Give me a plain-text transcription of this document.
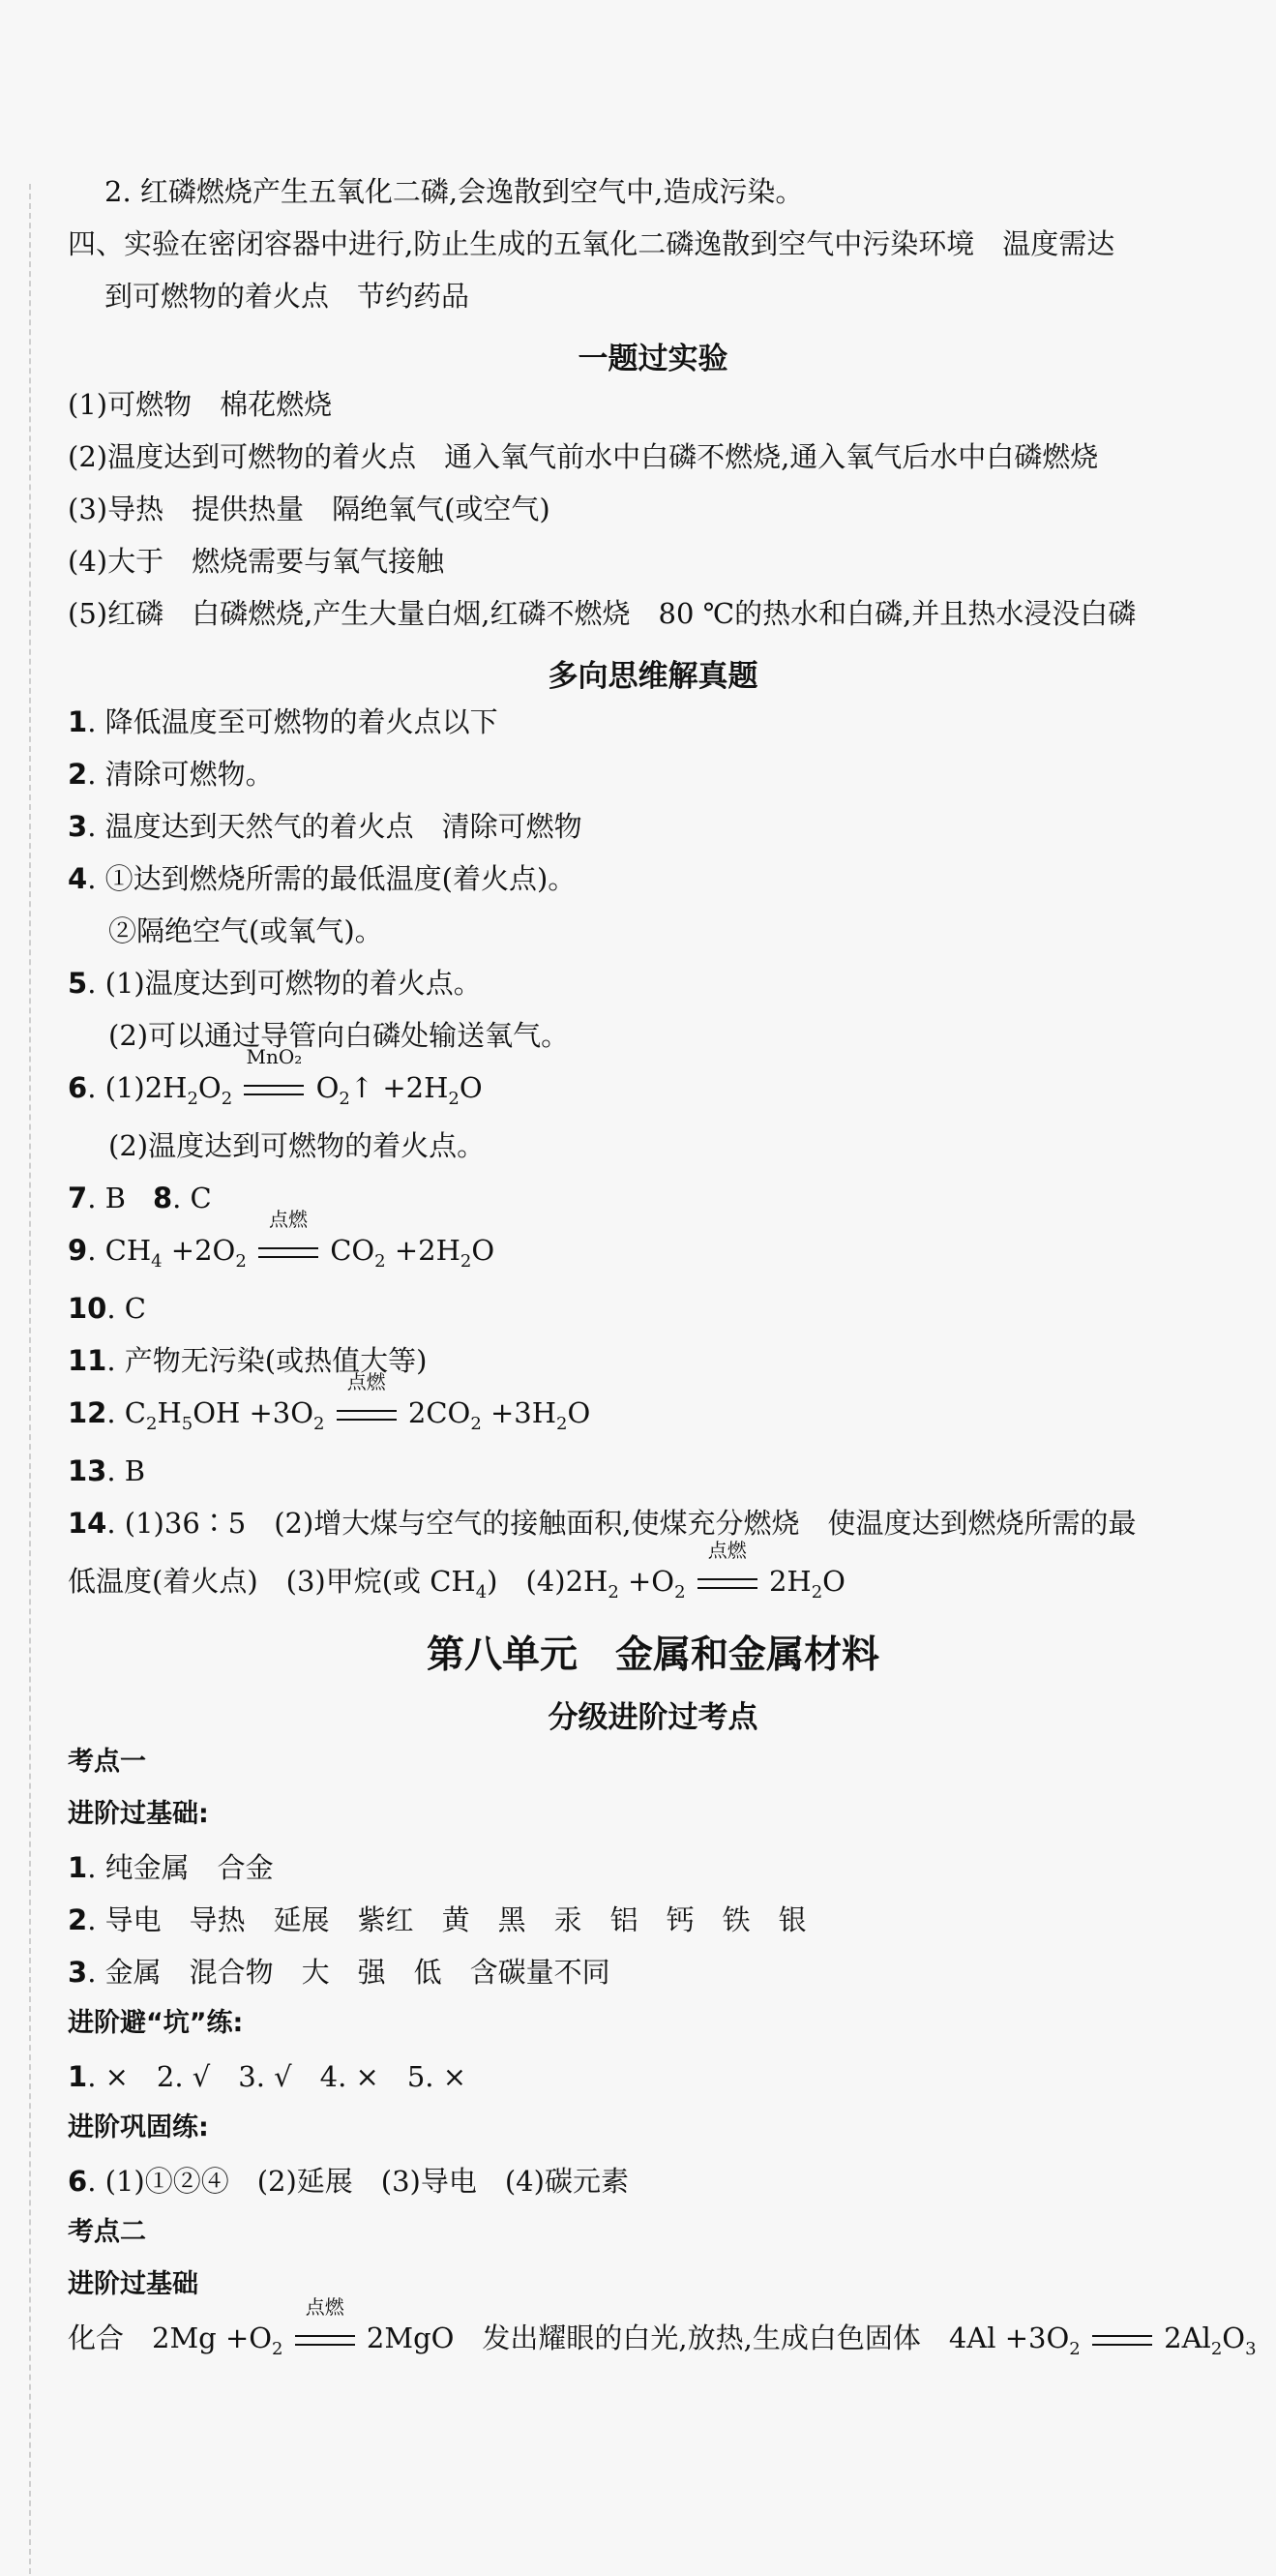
2. 红磷燃烧产生五氧化二磷,会逸散到空气中,造成污染。
四、实验在密闭容器中进行,防止生成的五氧化二磷逸散到空气中污染环境　温度需达
到可燃物的着火点　节约药品
一题过实验
(1)可燃物　棉花燃烧
(2)温度达到可燃物的着火点　通入氧气前水中白磷不燃烧,通入氧气后水中白磷燃烧
(3)导热　提供热量　隔绝氧气(或空气)
(4)大于　燃烧需要与氧气接触
(5)红磷　白磷燃烧,产生大量白烟,红磷不燃烧　80 ℃的热水和白磷,并且热水浸没白磷
多向思维解真题
1. 降低温度至可燃物的着火点以下
2. 清除可燃物。
3. 温度达到天然气的着火点　清除可燃物
4. ①达到燃烧所需的最低温度(着火点)。
②隔绝空气(或氧气)。
5. (1)温度达到可燃物的着火点。
(2)可以通过导管向白磷处输送氧气。
6. $(1)2H_2O_2$
MnO₂
$O_2↑ +2H_2O$
(2)温度达到可燃物的着火点。
7. B 8. C
9. $CH_4 +2O_2$
点燃
$CO_2 +2H_2O$
10. C
11. 产物无污染(或热值大等)
12. $C_2H_5OH +3O_2$
点燃
$2CO_2 +3H_2O$
13. B
14. (1)36∶5　(2)增大煤与空气的接触面积,使煤充分燃烧　使温度达到燃烧所需的最
低温度(着火点)　(3)甲烷(或 $CH_4$)　$(4)2H_2 +O_2$
点燃
$2H_2O$
第八单元　金属和金属材料
分级进阶过考点
考点一
进阶过基础:
1. 纯金属　合金
2. 导电　导热　延展　紫红　黄　黑　汞　铝　钙　铁　银
3. 金属　混合物　大　强　低　含碳量不同
进阶避“坑”练:
1. ×　2. √　3. √　4. ×　5. ×
进阶巩固练:
6. (1)①②④　(2)延展　(3)导电　(4)碳元素
考点二
进阶过基础
化合　$2Mg +O_2$
点燃
2MgO　发出耀眼的白光,放热,生成白色固体　$4Al +3O_2$	$2Al_2O_3$
